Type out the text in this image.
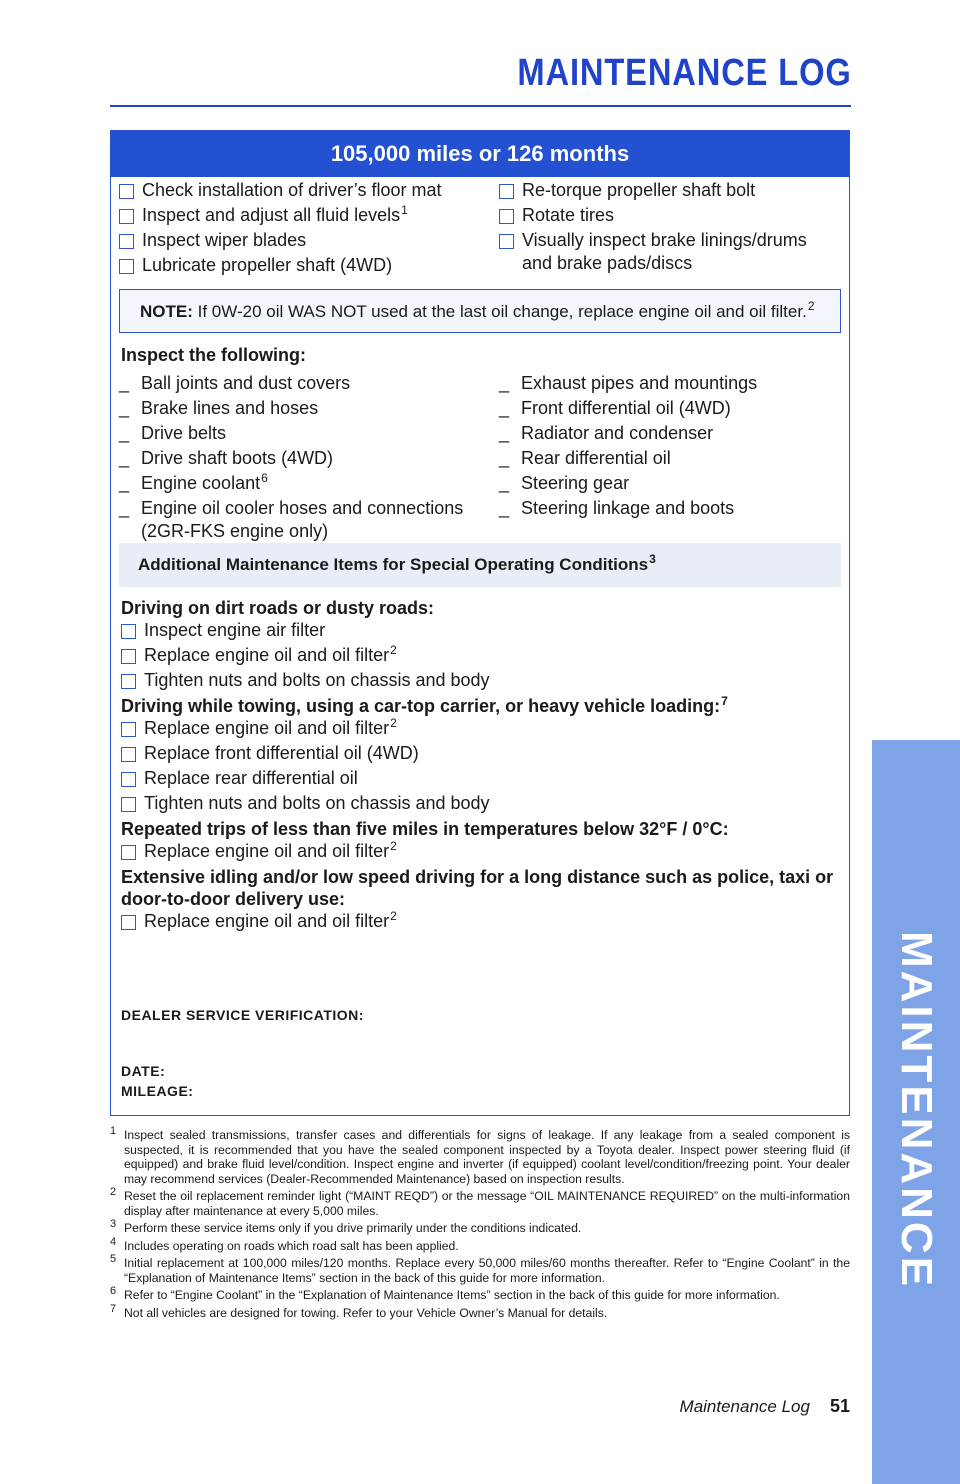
MAINTENANCE LOG
MAINTENANCE
105,000 miles or 126 months
Check installation of driver’s floor mat
Inspect and adjust all fluid levels$^1$
Inspect wiper blades
Lubricate propeller shaft (4WD)
Re-torque propeller shaft bolt
Rotate tires
Visually inspect brake linings/drums and brake pads/discs
NOTE: If 0W-20 oil WAS NOT used at the last oil change, replace engine oil and oil filter.$^2$
Inspect the following:
_ Ball joints and dust covers
_ Brake lines and hoses
_ Drive belts
_ Drive shaft boots (4WD)
_ Engine coolant$^6$
_ Engine oil cooler hoses and connections (2GR-FKS engine only)
_ Exhaust pipes and mountings
_ Front differential oil (4WD)
_ Radiator and condenser
_ Rear differential oil
_ Steering gear
_ Steering linkage and boots
Additional Maintenance Items for Special Operating Conditions$^3$
Driving on dirt roads or dusty roads:
Inspect engine air filter
Replace engine oil and oil filter$^2$
Tighten nuts and bolts on chassis and body
Driving while towing, using a car-top carrier, or heavy vehicle loading:$^7$
Replace engine oil and oil filter$^2$
Replace front differential oil (4WD)
Replace rear differential oil
Tighten nuts and bolts on chassis and body
Repeated trips of less than five miles in temperatures below 32°F / 0°C:
Replace engine oil and oil filter$^2$
Extensive idling and/or low speed driving for a long distance such as police, taxi or door-to-door delivery use:
Replace engine oil and oil filter$^2$
DEALER SERVICE VERIFICATION:
DATE:
MILEAGE:
1 Inspect sealed transmissions, transfer cases and differentials for signs of leakage. If any leakage from a sealed component is suspected, it is recommended that you have the sealed component inspected by a Toyota dealer. Inspect power steering fluid (if equipped) and brake fluid level/condition. Inspect engine and inverter (if equipped) coolant level/condition/freezing point. Your dealer may recommend services (Dealer-Recommended Maintenance) based on inspection results.
2 Reset the oil replacement reminder light (“MAINT REQD”) or the message “OIL MAINTENANCE REQUIRED” on the multi-information display after maintenance at every 5,000 miles.
3 Perform these service items only if you drive primarily under the conditions indicated.
4 Includes operating on roads which road salt has been applied.
5 Initial replacement at 100,000 miles/120 months. Replace every 50,000 miles/60 months thereafter. Refer to “Engine Coolant” in the “Explanation of Maintenance Items” section in the back of this guide for more information.
6 Refer to “Engine Coolant” in the “Explanation of Maintenance Items” section in the back of this guide for more information.
7 Not all vehicles are designed for towing. Refer to your Vehicle Owner’s Manual for details.
Maintenance Log 51
